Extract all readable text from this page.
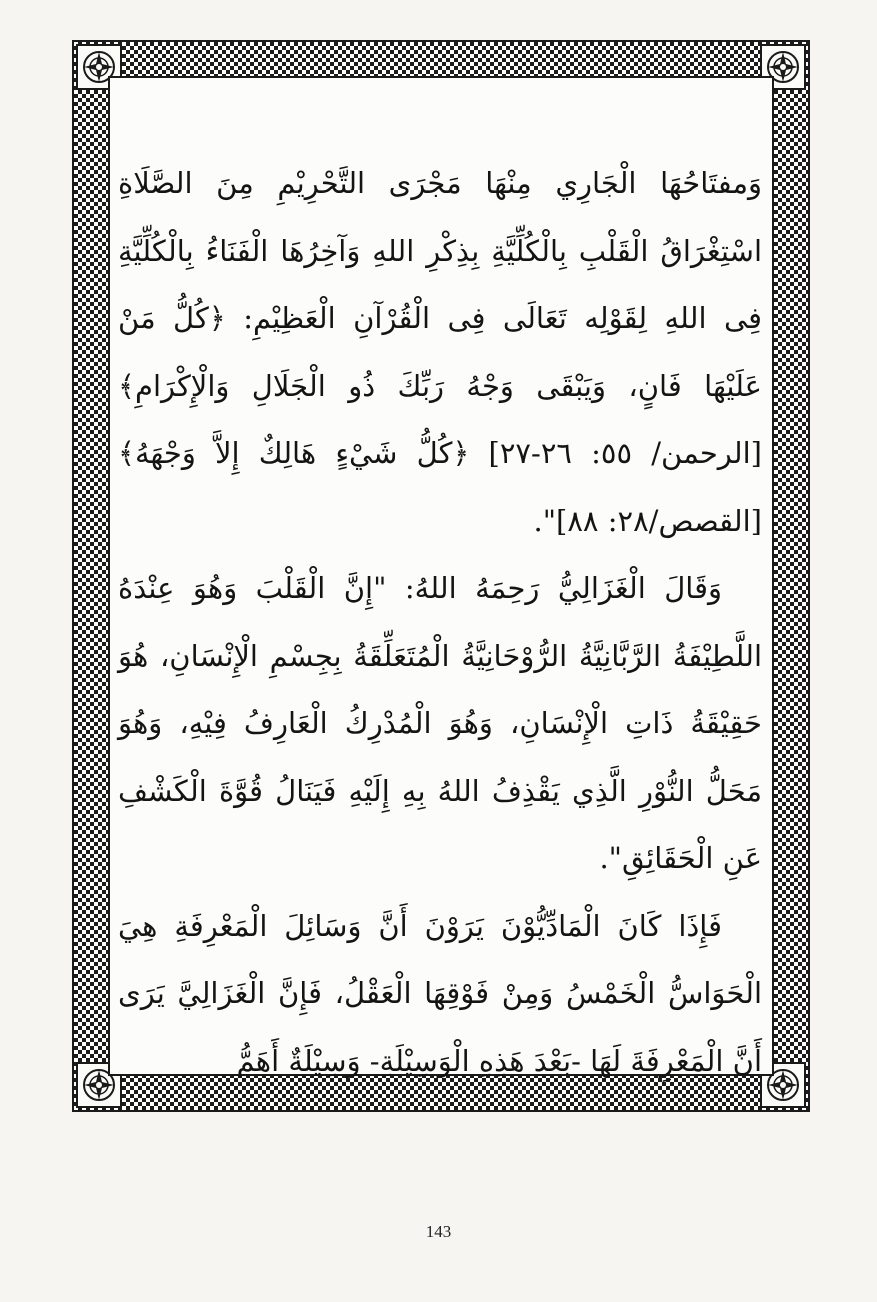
وَمفتَاحُهَا الْجَارِي مِنْهَا مَجْرَى التَّحْرِيْمِ مِنَ الصَّلَاةِ اسْتِغْرَاقُ الْقَلْبِ بِالْكُلِّيَّةِ بِذِكْرِ اللهِ وَآخِرُهَا الْفَنَاءُ بِالْكُلِّيَّةِ فِى اللهِ لِقَوْلِه تَعَالَى فِى الْقُرْآنِ الْعَظِيْمِ: ﴿كُلُّ مَنْ عَلَيْهَا فَانٍ، وَيَبْقَى وَجْهُ رَبِّكَ ذُو الْجَلَالِ وَالْإِكْرَامِ﴾ [الرحمن/ ٥٥: ٢٦-٢٧] ﴿كُلُّ شَيْءٍ هَالِكٌ إِلاَّ وَجْهَهُ﴾ [القصص/٢٨: ٨٨]".

وَقَالَ الْغَزَالِيُّ رَحِمَهُ اللهُ: "إِنَّ الْقَلْبَ وَهُوَ عِنْدَهُ اللَّطِيْفَةُ الرَّبَّانِيَّةُ الرُّوْحَانِيَّةُ الْمُتَعَلِّقَةُ بِجِسْمِ الْإِنْسَانِ، هُوَ حَقِيْقَةُ ذَاتِ الْإِنْسَانِ، وَهُوَ الْمُدْرِكُ الْعَارِفُ فِيْهِ، وَهُوَ مَحَلُّ النُّوْرِ الَّذِي يَقْذِفُ اللهُ بِهِ إِلَيْهِ فَيَنَالُ قُوَّةَ الْكَشْفِ عَنِ الْحَقَائِقِ".

فَإِذَا كَانَ الْمَادِّيُّوْنَ يَرَوْنَ أَنَّ وَسَائِلَ الْمَعْرِفَةِ هِيَ الْحَوَاسُّ الْخَمْسُ وَمِنْ فَوْقِهَا الْعَقْلُ، فَإِنَّ الْغَزَالِيَّ يَرَى أَنَّ الْمَعْرِفَةَ لَهَا -بَعْدَ هَذِهِ الْوَسِيْلَةِ- وَسِيْلَةٌ أَهَمُّ

143
